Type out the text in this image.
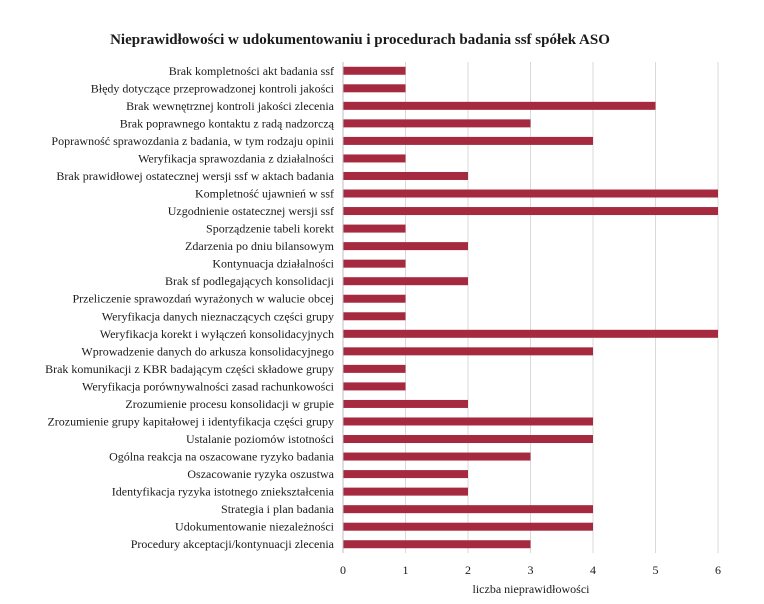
Nieprawidłowości w udokumentowaniu i procedurach badania ssf spółek ASO
Brak kompletności akt badania ssf
Błędy dotyczące przeprowadzonej kontroli jakości
Brak wewnętrznej kontroli jakości zlecenia
Brak poprawnego kontaktu z radą nadzorczą
Poprawność sprawozdania z badania, w tym rodzaju opinii
Weryfikacja sprawozdania z działalności
Brak prawidłowej ostatecznej wersji ssf w aktach badania
Kompletność ujawnień w ssf
Uzgodnienie ostatecznej wersji ssf
Sporządzenie tabeli korekt
Zdarzenia po dniu bilansowym
Kontynuacja działalności
Brak sf podlegających konsolidacji
Przeliczenie sprawozdań wyrażonych w walucie obcej
Weryfikacja danych nieznaczących części grupy
Weryfikacja korekt i wyłączeń konsolidacyjnych
Wprowadzenie danych do arkusza konsolidacyjnego
Brak komunikacji z KBR badającym części składowe grupy
Weryfikacja porównywalności zasad rachunkowości
Zrozumienie procesu konsolidacji w grupie
Zrozumienie grupy kapitałowej i identyfikacja części grupy
Ustalanie poziomów istotności
Ogólna reakcja na oszacowane ryzyko badania
Oszacowanie ryzyka oszustwa
Identyfikacja ryzyka istotnego zniekształcenia
Strategia i plan badania
Udokumentowanie niezależności
Procedury akceptacji/kontynuacji zlecenia
0	1	2	3	4	5	6
liczba nieprawidłowości
